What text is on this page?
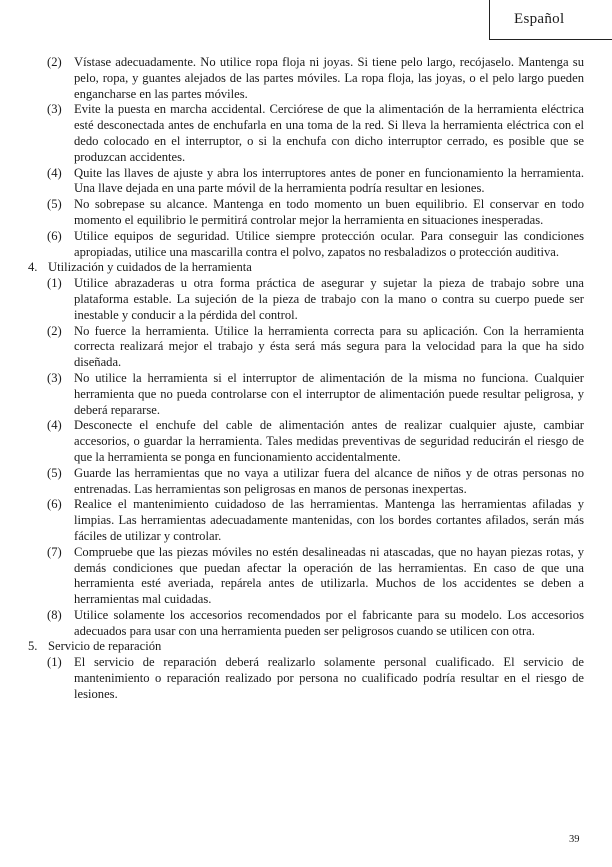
Español
(2) Vístase adecuadamente. No utilice ropa floja ni joyas. Si tiene pelo largo, recójaselo. Mantenga su pelo, ropa, y guantes alejados de las partes móviles. La ropa floja, las joyas, o el pelo largo pueden engancharse en las partes móviles.

(3) Evite la puesta en marcha accidental. Cerciórese de que la alimentación de la herramienta eléctrica esté desconectada antes de enchufarla en una toma de la red. Si lleva la herramienta eléctrica con el dedo colocado en el interruptor, o si la enchufa con dicho interruptor cerrado, es posible que se produzcan accidentes.

(4) Quite las llaves de ajuste y abra los interruptores antes de poner en funcionamiento la herramienta. Una llave dejada en una parte móvil de la herramienta podría resultar en lesiones.

(5) No sobrepase su alcance. Mantenga en todo momento un buen equilibrio. El conservar en todo momento el equilibrio le permitirá controlar mejor la herramienta en situaciones inesperadas.

(6) Utilice equipos de seguridad. Utilice siempre protección ocular. Para conseguir las condiciones apropiadas, utilice una mascarilla contra el polvo, zapatos no resbaladizos o protección auditiva.

4. Utilización y cuidados de la herramienta

(1) Utilice abrazaderas u otra forma práctica de asegurar y sujetar la pieza de trabajo sobre una plataforma estable. La sujeción de la pieza de trabajo con la mano o contra su cuerpo puede ser inestable y conducir a la pérdida del control.

(2) No fuerce la herramienta. Utilice la herramienta correcta para su aplicación. Con la herramienta correcta realizará mejor el trabajo y ésta será más segura para la velocidad para la que ha sido diseñada.

(3) No utilice la herramienta si el interruptor de alimentación de la misma no funciona. Cualquier herramienta que no pueda controlarse con el interruptor de alimentación puede resultar peligrosa, y deberá repararse.

(4) Desconecte el enchufe del cable de alimentación antes de realizar cualquier ajuste, cambiar accesorios, o guardar la herramienta. Tales medidas preventivas de seguridad reducirán el riesgo de que la herramienta se ponga en funcionamiento accidentalmente.

(5) Guarde las herramientas que no vaya a utilizar fuera del alcance de niños y de otras personas no entrenadas. Las herramientas son peligrosas en manos de personas inexpertas.

(6) Realice el mantenimiento cuidadoso de las herramientas. Mantenga las herramientas afiladas y limpias. Las herramientas adecuadamente mantenidas, con los bordes cortantes afilados, serán más fáciles de utilizar y controlar.

(7) Compruebe que las piezas móviles no estén desalineadas ni atascadas, que no hayan piezas rotas, y demás condiciones que puedan afectar la operación de las herramientas. En caso de que una herramienta esté averiada, repárela antes de utilizarla. Muchos de los accidentes se deben a herramientas mal cuidadas.

(8) Utilice solamente los accesorios recomendados por el fabricante para su modelo. Los accesorios adecuados para usar con una herramienta pueden ser peligrosos cuando se utilicen con otra.

5. Servicio de reparación

(1) El servicio de reparación deberá realizarlo solamente personal cualificado. El servicio de mantenimiento o reparación realizado por persona no cualificado podría resultar en el riesgo de lesiones.

39
